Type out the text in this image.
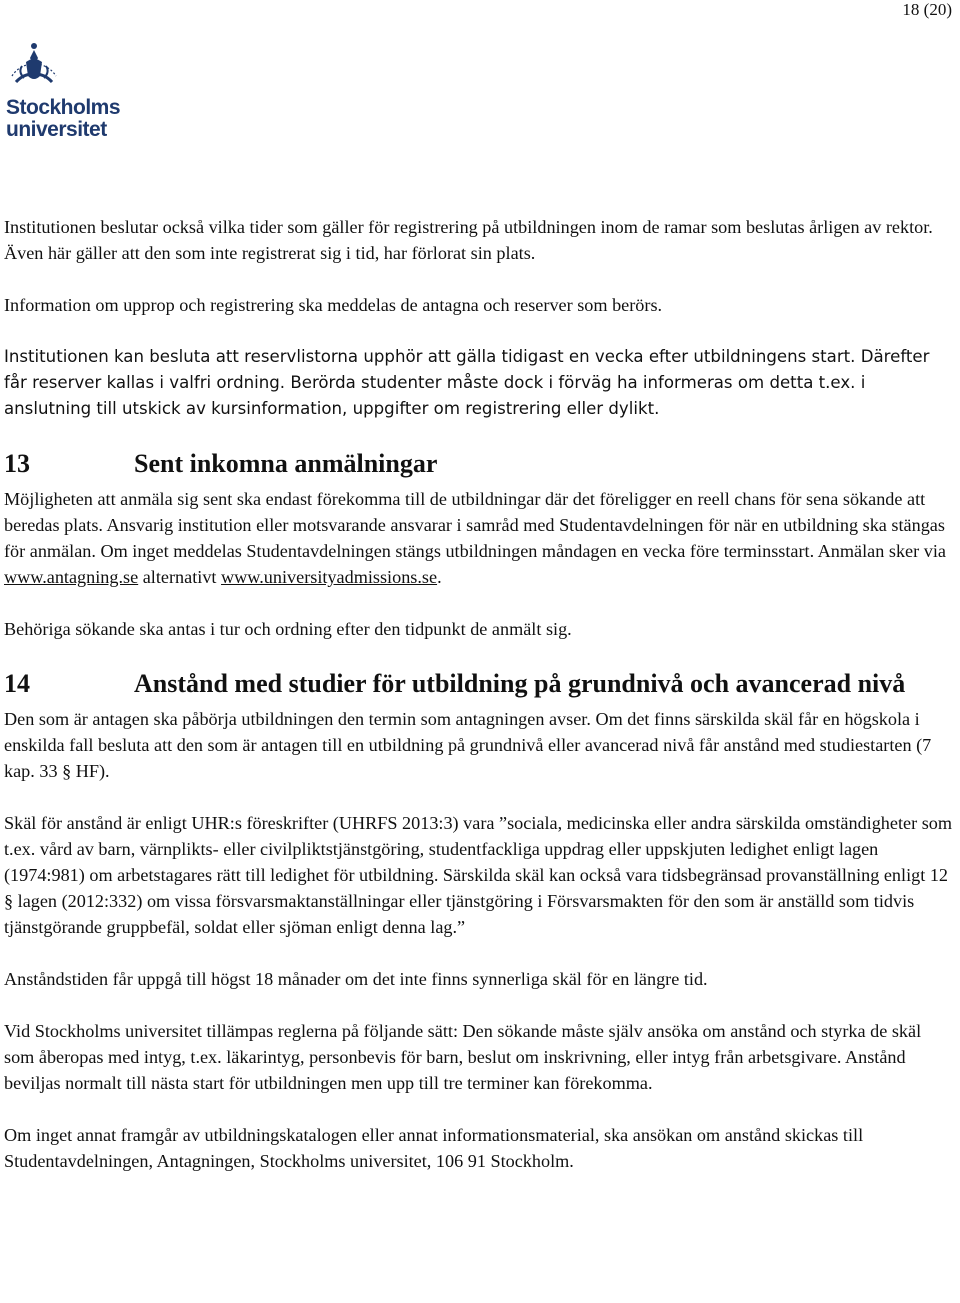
18 (20)
Stockholms
universitet

Institutionen beslutar också vilka tider som gäller för registrering på utbildningen inom de ramar som beslutas årligen av rektor. Även här gäller att den som inte registrerat sig i tid, har förlorat sin plats.

Information om upprop och registrering ska meddelas de antagna och reserver som berörs.

Institutionen kan besluta att reservlistorna upphör att gälla tidigast en vecka efter utbildningens start. Därefter får reserver kallas i valfri ordning. Berörda studenter måste dock i förväg ha informeras om detta t.ex. i anslutning till utskick av kursinformation, uppgifter om registrering eller dylikt.

13	Sent inkomna anmälningar

Möjligheten att anmäla sig sent ska endast förekomma till de utbildningar där det föreligger en reell chans för sena sökande att beredas plats. Ansvarig institution eller motsvarande ansvarar i samråd med Studentavdelningen för när en utbildning ska stängas för anmälan. Om inget meddelas Studentavdelningen stängs utbildningen måndagen en vecka före terminsstart. Anmälan sker via www.antagning.se alternativt www.universityadmissions.se.

Behöriga sökande ska antas i tur och ordning efter den tidpunkt de anmält sig.

14	Anstånd med studier för utbildning på grundnivå och avancerad nivå

Den som är antagen ska påbörja utbildningen den termin som antagningen avser. Om det finns särskilda skäl får en högskola i enskilda fall besluta att den som är antagen till en utbildning på grundnivå eller avancerad nivå får anstånd med studiestarten (7 kap. 33 § HF).

Skäl för anstånd är enligt UHR:s föreskrifter (UHRFS 2013:3) vara ”sociala, medicinska eller andra särskilda omständigheter som t.ex. vård av barn, värnplikts- eller civilpliktstjänstgöring, studentfackliga uppdrag eller uppskjuten ledighet enligt lagen (1974:981) om arbetstagares rätt till ledighet för utbildning. Särskilda skäl kan också vara tidsbegränsad provanställning enligt 12 § lagen (2012:332) om vissa försvarsmaktanställningar eller tjänstgöring i Försvarsmakten för den som är anställd som tidvis tjänstgörande gruppbefäl, soldat eller sjöman enligt denna lag.”

Anståndstiden får uppgå till högst 18 månader om det inte finns synnerliga skäl för en längre tid.

Vid Stockholms universitet tillämpas reglerna på följande sätt: Den sökande måste själv ansöka om anstånd och styrka de skäl som åberopas med intyg, t.ex. läkarintyg, personbevis för barn, beslut om inskrivning, eller intyg från arbetsgivare. Anstånd beviljas normalt till nästa start för utbildningen men upp till tre terminer kan förekomma.

Om inget annat framgår av utbildningskatalogen eller annat informationsmaterial, ska ansökan om anstånd skickas till Studentavdelningen, Antagningen, Stockholms universitet, 106 91 Stockholm.
